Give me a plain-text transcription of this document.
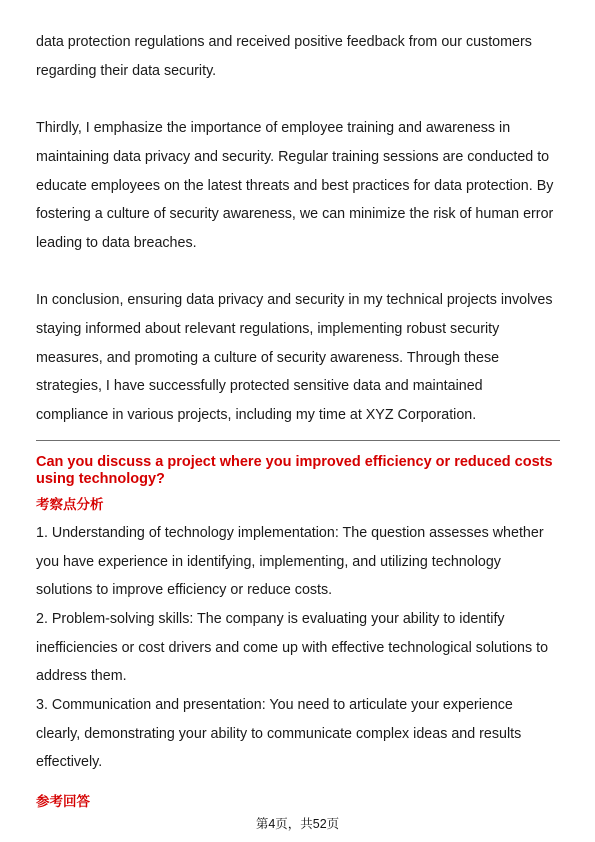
data protection regulations and received positive feedback from our customers
regarding their data security.
Thirdly, I emphasize the importance of employee training and awareness in
maintaining data privacy and security. Regular training sessions are conducted to
educate employees on the latest threats and best practices for data protection. By
fostering a culture of security awareness, we can minimize the risk of human error
leading to data breaches.
In conclusion, ensuring data privacy and security in my technical projects involves
staying informed about relevant regulations, implementing robust security
measures, and promoting a culture of security awareness. Through these
strategies, I have successfully protected sensitive data and maintained
compliance in various projects, including my time at XYZ Corporation.
Can you discuss a project where you improved efficiency or reduced costs
using technology?
考察点分析
1. Understanding of technology implementation: The question assesses whether
you have experience in identifying, implementing, and utilizing technology
solutions to improve efficiency or reduce costs.
2. Problem-solving skills: The company is evaluating your ability to identify
inefficiencies or cost drivers and come up with effective technological solutions to
address them.
3. Communication and presentation: You need to articulate your experience
clearly, demonstrating your ability to communicate complex ideas and results
effectively.
参考回答
第4页，共52页
